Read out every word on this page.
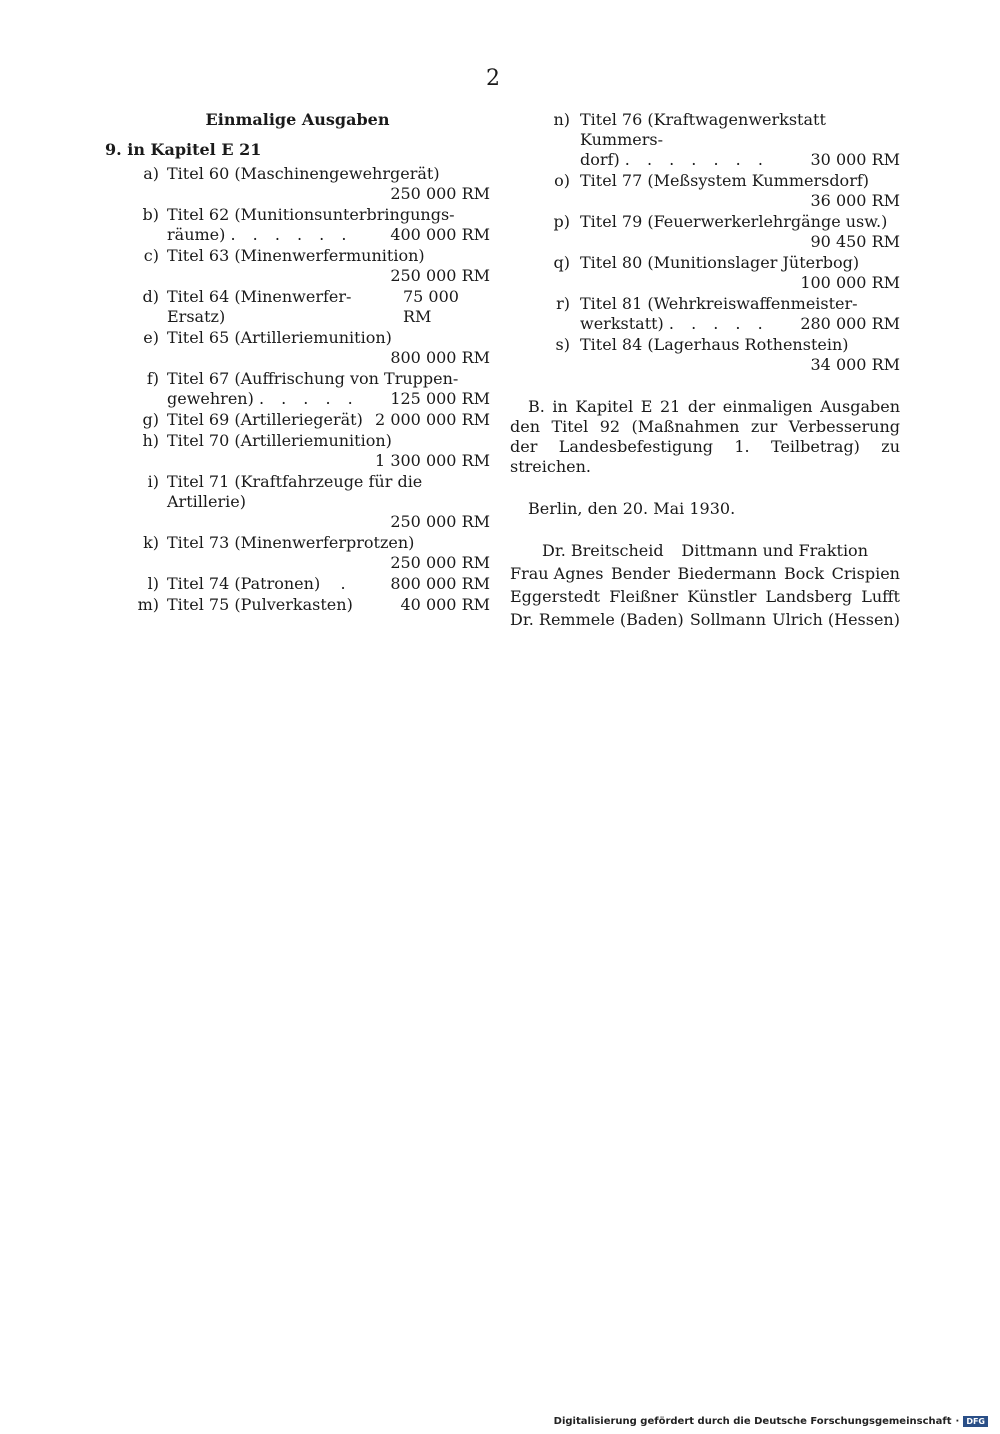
2
Einmalige Ausgaben
9. in Kapitel E 21
a) Titel 60 (Maschinengewehrgerät)
250 000 RM
b) Titel 62 (Munitionsunterbringungs-
räume) . . . . . . 400 000 RM
c) Titel 63 (Minenwerfermunition)
250 000 RM
d) Titel 64 (Minenwerfer-Ersatz)
75 000 RM
e) Titel 65 (Artilleriemunition)
800 000 RM
f) Titel 67 (Auffrischung von Truppen-
gewehren) . . . . . 125 000 RM
g) Titel 69 (Artilleriegerät) 2 000 000 RM
h) Titel 70 (Artilleriemunition)
1 300 000 RM
i) Titel 71 (Kraftfahrzeuge für die Artillerie)
250 000 RM
k) Titel 73 (Minenwerferprotzen)
250 000 RM
l) Titel 74 (Patronen) .	800 000 RM
m) Titel 75 (Pulverkasten)	40 000 RM
n) Titel 76 (Kraftwagenwerkstatt Kummers-
dorf) . . . . . . .	30 000 RM
o) Titel 77 (Meßsystem Kummersdorf)
36 000 RM
p) Titel 79 (Feuerwerkerlehrgänge usw.)
90 450 RM
q) Titel 80 (Munitionslager Jüterbog)
100 000 RM
r) Titel 81 (Wehrkreiswaffenmeister-
werkstatt) . . . . . 280 000 RM
s) Titel 84 (Lagerhaus Rothenstein)
34 000 RM
B. in Kapitel E 21 der einmaligen Ausgaben den Titel 92 (Maßnahmen zur Verbesserung der Landesbefestigung 1. Teilbetrag) zu streichen.
Berlin, den 20. Mai 1930.
Dr. Breitscheid Dittmann und Fraktion
Frau Agnes Bender Biedermann Bock Crispien
Eggerstedt Fleißner Künstler Landsberg Lufft
Dr. Remmele (Baden) Sollmann Ulrich (Hessen)
Digitalisierung gefördert durch die Deutsche Forschungsgemeinschaft · DFG
